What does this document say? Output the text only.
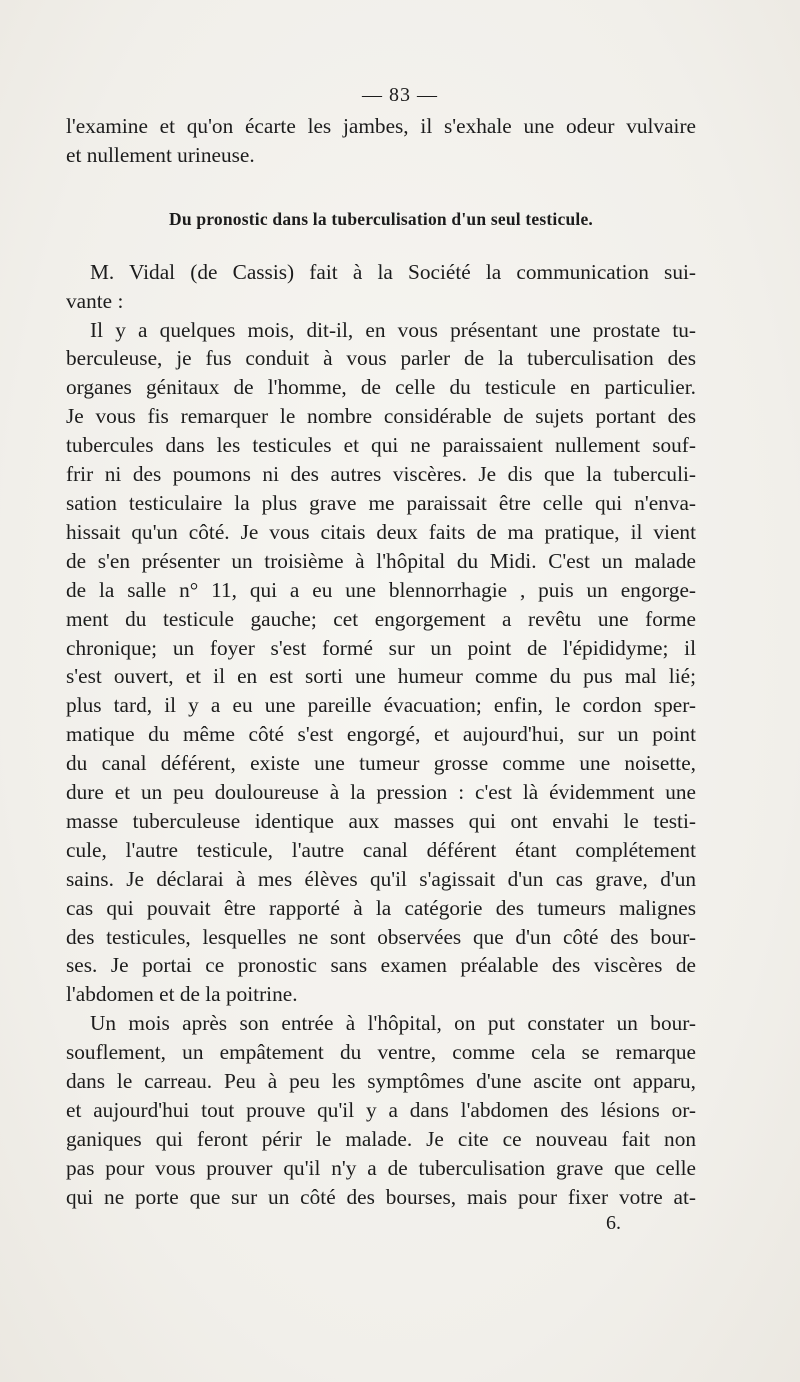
— 83 —

l'examine et qu'on écarte les jambes, il s'exhale une odeur vulvaire
et nullement urineuse.

Du pronostic dans la tuberculisation d'un seul testicule.

M. Vidal (de Cassis) fait à la Société la communication sui-
vante :

Il y a quelques mois, dit-il, en vous présentant une prostate tu-
berculeuse, je fus conduit à vous parler de la tuberculisation des
organes génitaux de l'homme, de celle du testicule en particulier.
Je vous fis remarquer le nombre considérable de sujets portant des
tubercules dans les testicules et qui ne paraissaient nullement souf-
frir ni des poumons ni des autres viscères. Je dis que la tuberculi-
sation testiculaire la plus grave me paraissait être celle qui n'enva-
hissait qu'un côté. Je vous citais deux faits de ma pratique, il vient
de s'en présenter un troisième à l'hôpital du Midi. C'est un malade
de la salle n° 11, qui a eu une blennorrhagie , puis un engorge-
ment du testicule gauche; cet engorgement a revêtu une forme
chronique; un foyer s'est formé sur un point de l'épididyme; il
s'est ouvert, et il en est sorti une humeur comme du pus mal lié;
plus tard, il y a eu une pareille évacuation; enfin, le cordon sper-
matique du même côté s'est engorgé, et aujourd'hui, sur un point
du canal déférent, existe une tumeur grosse comme une noisette,
dure et un peu douloureuse à la pression : c'est là évidemment une
masse tuberculeuse identique aux masses qui ont envahi le testi-
cule, l'autre testicule, l'autre canal déférent étant complétement
sains. Je déclarai à mes élèves qu'il s'agissait d'un cas grave, d'un
cas qui pouvait être rapporté à la catégorie des tumeurs malignes
des testicules, lesquelles ne sont observées que d'un côté des bour-
ses. Je portai ce pronostic sans examen préalable des viscères de
l'abdomen et de la poitrine.

Un mois après son entrée à l'hôpital, on put constater un bour-
souflement, un empâtement du ventre, comme cela se remarque
dans le carreau. Peu à peu les symptômes d'une ascite ont apparu,
et aujourd'hui tout prouve qu'il y a dans l'abdomen des lésions or-
ganiques qui feront périr le malade. Je cite ce nouveau fait non
pas pour vous prouver qu'il n'y a de tuberculisation grave que celle
qui ne porte que sur un côté des bourses, mais pour fixer votre at-

6.
